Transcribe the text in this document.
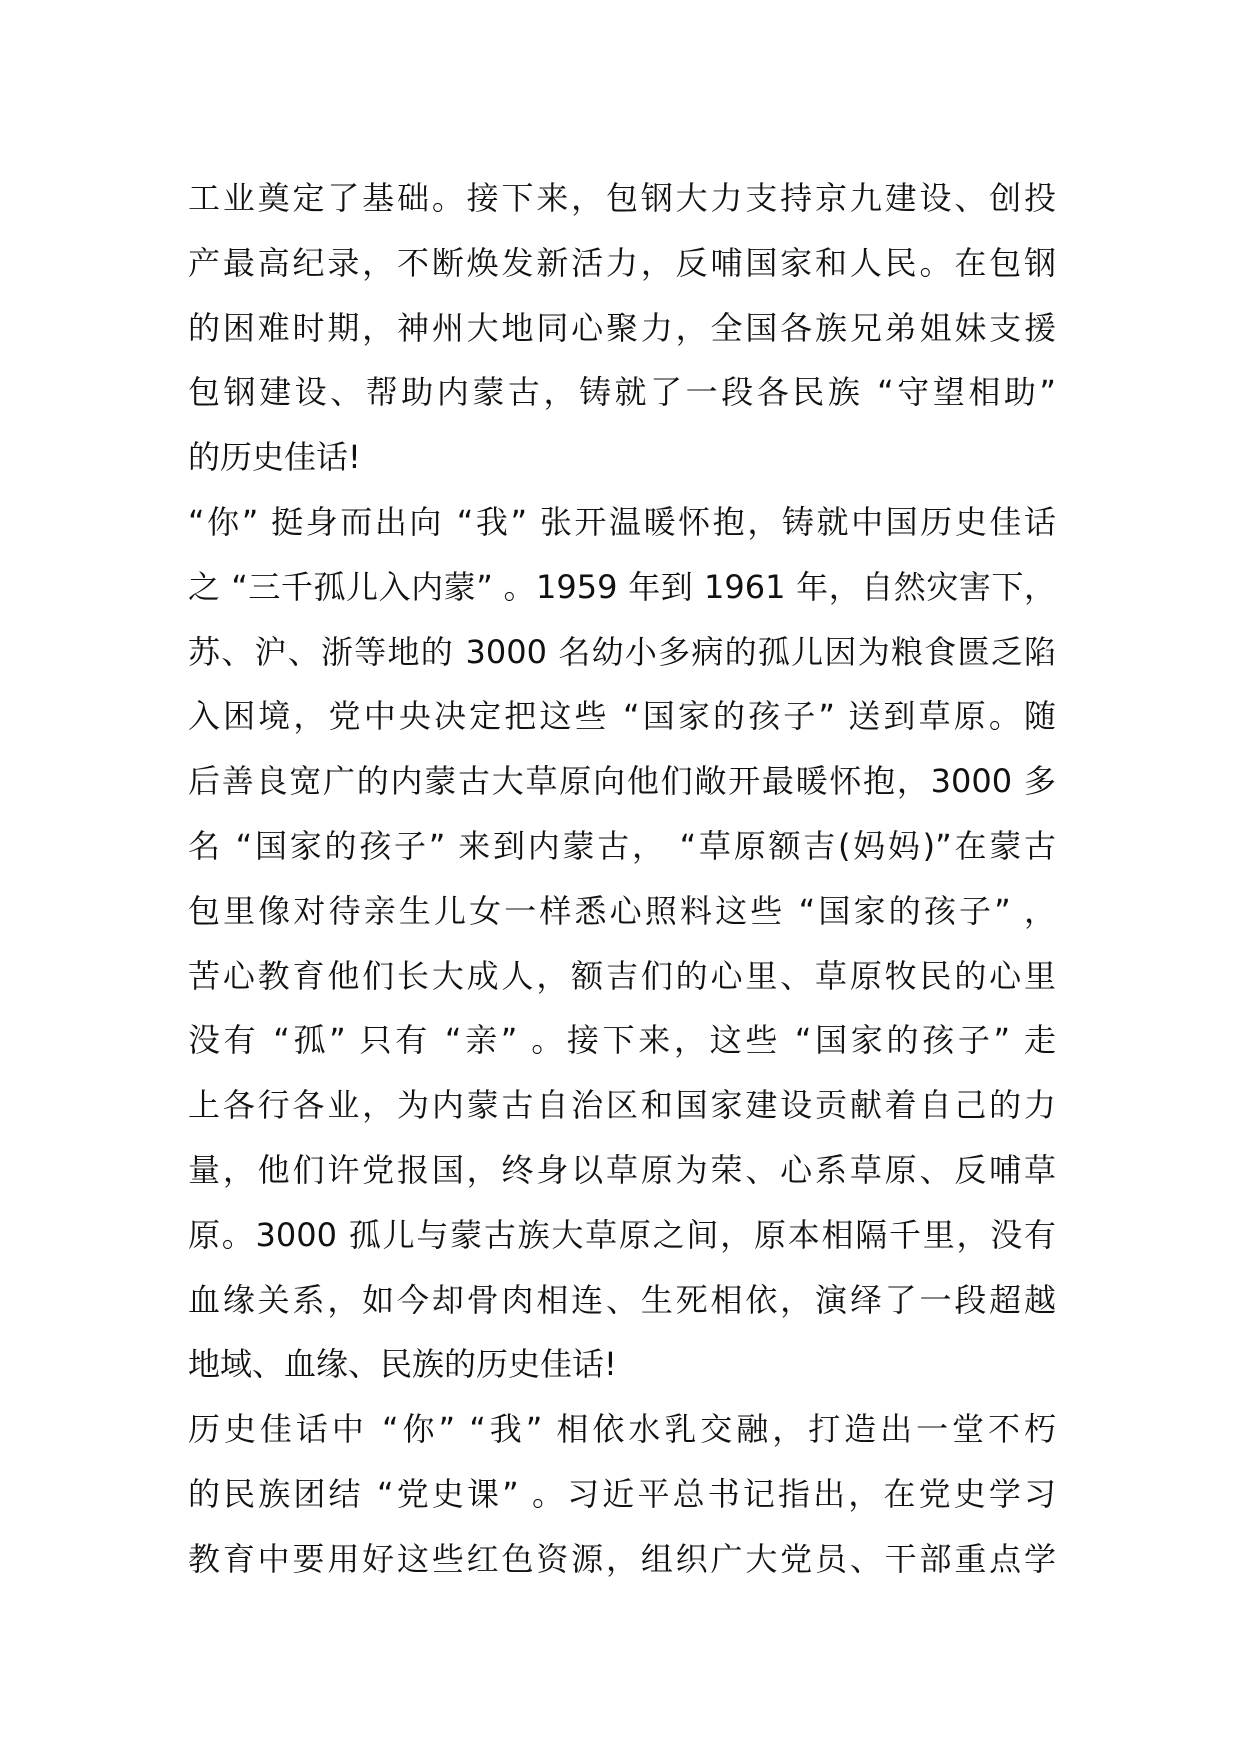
工业奠定了基础。接下来，包钢大力支持京九建设、创投
产最高纪录，不断焕发新活力，反哺国家和人民。在包钢
的困难时期，神州大地同心聚力，全国各族兄弟姐妹支援
包钢建设、帮助内蒙古，铸就了一段各民族 “守望相助”
的历史佳话!
“你” 挺身而出向 “我” 张开温暖怀抱，铸就中国历史佳话
之 “三千孤儿入内蒙” 。1959 年到 1961 年，自然灾害下，
苏、沪、浙等地的 3000 名幼小多病的孤儿因为粮食匮乏陷
入困境，党中央决定把这些 “国家的孩子” 送到草原。随
后善良宽广的内蒙古大草原向他们敞开最暖怀抱，3000 多
名 “国家的孩子” 来到内蒙古， “草原额吉(妈妈)”在蒙古
包里像对待亲生儿女一样悉心照料这些 “国家的孩子” ，
苦心教育他们长大成人，额吉们的心里、草原牧民的心里
没有 “孤” 只有 “亲” 。接下来，这些 “国家的孩子” 走
上各行各业，为内蒙古自治区和国家建设贡献着自己的力
量，他们许党报国，终身以草原为荣、心系草原、反哺草
原。3000 孤儿与蒙古族大草原之间，原本相隔千里，没有
血缘关系，如今却骨肉相连、生死相依，演绎了一段超越
地域、血缘、民族的历史佳话!
历史佳话中 “你” “我” 相依水乳交融，打造出一堂不朽
的民族团结 “党史课” 。习近平总书记指出，在党史学习
教育中要用好这些红色资源，组织广大党员、干部重点学
